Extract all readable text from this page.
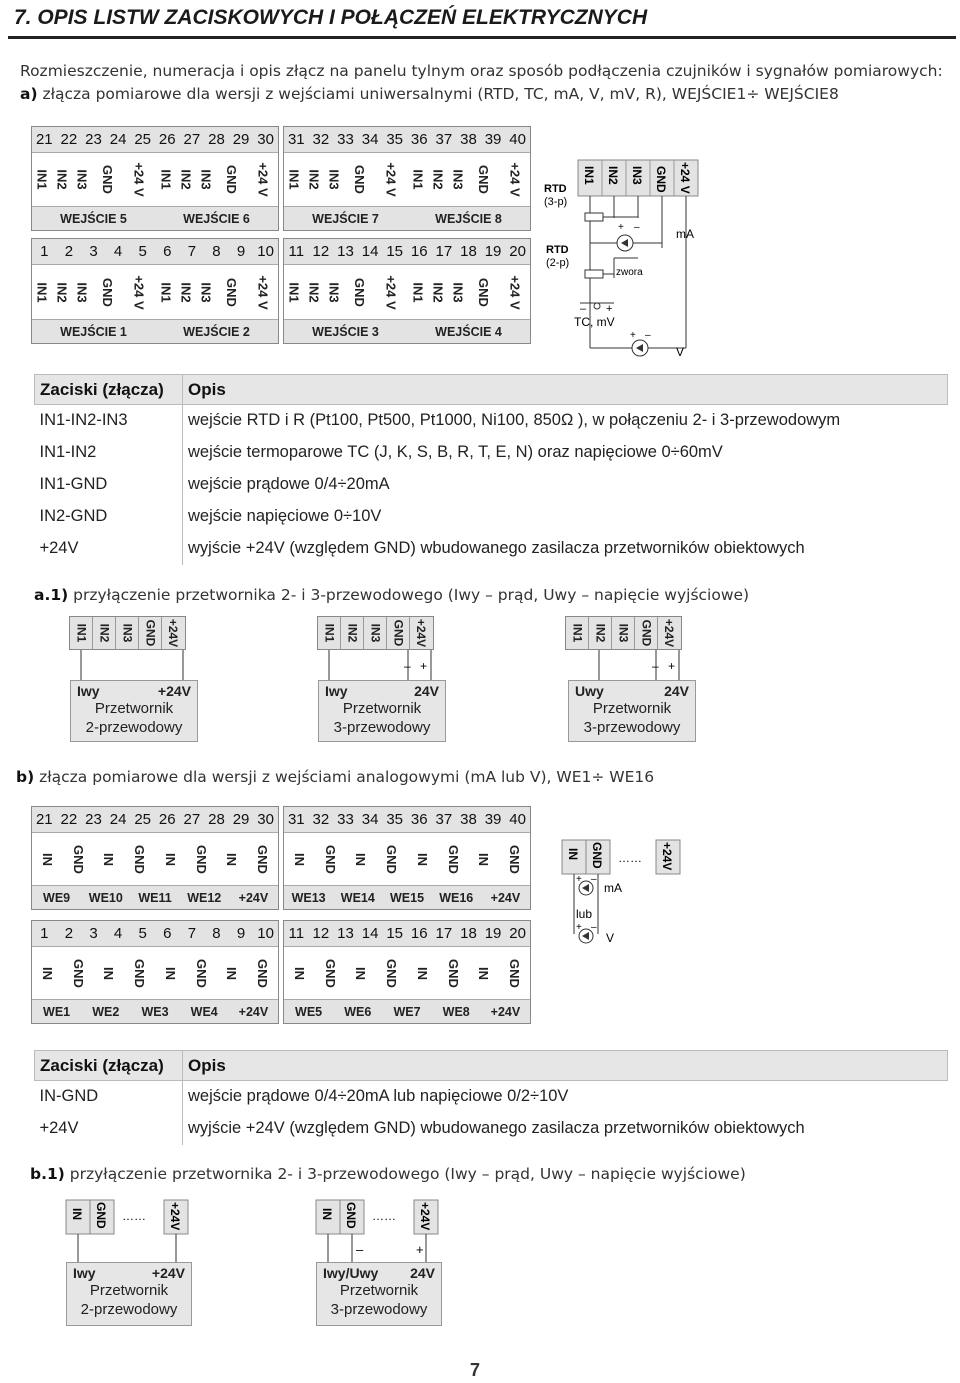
7. OPIS LISTW ZACISKOWYCH I POŁĄCZEŃ ELEKTRYCZNYCH
Rozmieszczenie, numeracja i opis złącz na panelu tylnym oraz sposób podłączenia czujników i sygnałów pomiarowych:
a) złącza pomiarowe dla wersji z wejściami uniwersalnymi (RTD, TC, mA, V, mV, R), WEJŚCIE1÷ WEJŚCIE8
21 22 23 24 25 26 27 28 29 30
IN1 IN2 IN3 GND +24 V IN1 IN2 IN3 GND +24 V
WEJŚCIE 5	WEJŚCIE 6
31 32 33 34 35 36 37 38 39 40
IN1 IN2 IN3 GND +24 V IN1 IN2 IN3 GND +24 V
WEJŚCIE 7	WEJŚCIE 8
1	2	3	4	5	6	7	8	9 10
IN1 IN2 IN3 GND +24 V IN1 IN2 IN3 GND +24 V
WEJŚCIE 1	WEJŚCIE 2
11 12 13 14 15 16 17 18 19 20
IN1 IN2 IN3 GND +24 V IN1 IN2 IN3 GND +24 V
WEJŚCIE 3	WEJŚCIE 4
IN1 IN2 IN3 GND +24 V
RTD
(3-p)
RTD
(2-p)
+ –	mA
zwora
– +
TC, mV
+ –
V
Zaciski (złącza)	Opis
IN1-IN2-IN3	wejście RTD i R (Pt100, Pt500, Pt1000, Ni100, 850Ω ), w połączeniu 2- i 3-przewodowym
IN1-IN2	wejście termoparowe TC (J, K, S, B, R, T, E, N) oraz napięciowe 0÷60mV
IN1-GND	wejście prądowe 0/4÷20mA
IN2-GND	wejście napięciowe 0÷10V
+24V	wyjście +24V (względem GND) wbudowanego zasilacza przetworników obiektowych
a.1) przyłączenie przetwornika 2- i 3-przewodowego (Iwy – prąd, Uwy – napięcie wyjściowe)
IN1 IN2 IN3 GND +24V	IN1 IN2 IN3 GND +24V	IN1 IN2 IN3 GND +24V
– +	– +
Iwy	+24V
Przetwornik
2-przewodowy
Iwy	24V
Przetwornik
3-przewodowy
Uwy	24V
Przetwornik
3-przewodowy
b) złącza pomiarowe dla wersji z wejściami analogowymi (mA lub V), WE1÷ WE16
21 22 23 24 25 26 27 28 29 30
IN GND IN GND IN GND IN GND
WE9	WE10	WE11	WE12	+24V
31 32 33 34 35 36 37 38 39 40
IN GND IN GND IN GND IN GND
WE13	WE14	WE15	WE16	+24V
1	2	3	4	5	6	7	8	9 10
IN GND IN GND IN GND IN GND
WE1	WE2	WE3	WE4	+24V
11 12 13 14 15 16 17 18 19 20
IN GND IN GND IN GND IN GND
WE5	WE6	WE7	WE8	+24V
IN GND …… +24V
+ –
mA
lub
+ –
V
Zaciski (złącza)	Opis
IN-GND	wejście prądowe 0/4÷20mA lub napięciowe 0/2÷10V
+24V	wyjście +24V (względem GND) wbudowanego zasilacza przetworników obiektowych
b.1) przyłączenie przetwornika 2- i 3-przewodowego (Iwy – prąd, Uwy – napięcie wyjściowe)
IN GND …… +24V
Iwy	+24V
Przetwornik
2-przewodowy
IN GND …… +24V
–	+
Iwy/Uwy 24V
Przetwornik
3-przewodowy
7
